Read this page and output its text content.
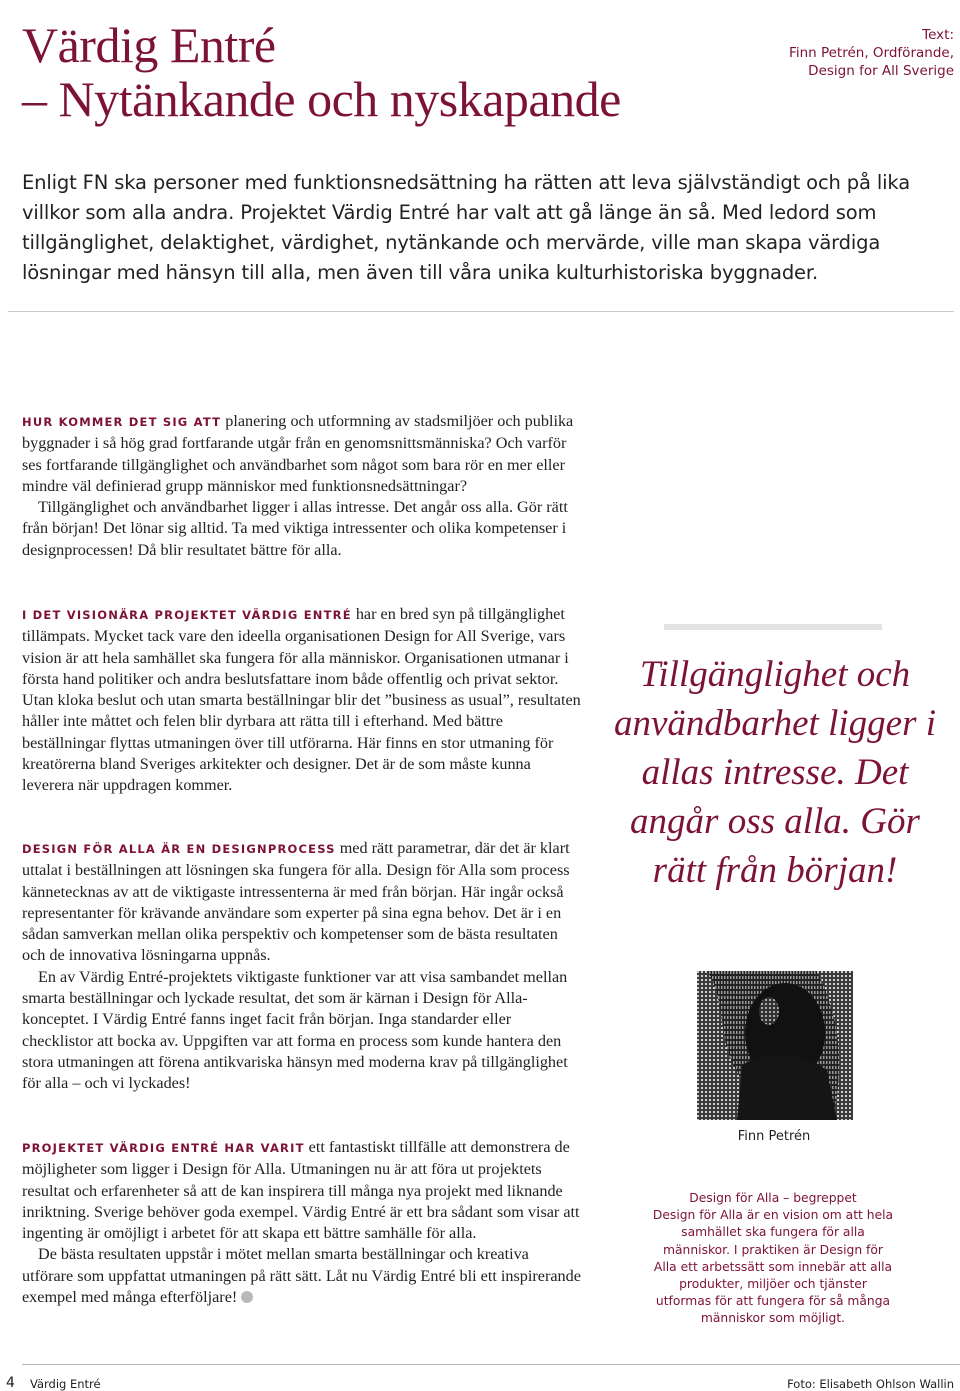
Värdig Entré
– Nytänkande och nyskapande
Text:
Finn Petrén, Ordförande,
Design for All Sverige
Enligt FN ska personer med funktionsnedsättning ha rätten att leva självständigt och på lika villkor som alla andra. Projektet Värdig Entré har valt att gå länge än så. Med ledord som tillgänglighet, delaktighet, värdighet, nytänkande och mervärde, ville man skapa värdiga lösningar med hänsyn till alla, men även till våra unika kulturhistoriska byggnader.

HUR KOMMER DET SIG ATT planering och utformning av stadsmiljöer och publika byggnader i så hög grad fortfarande utgår från en genomsnittsmänniska? Och varför ses fortfarande tillgänglighet och användbarhet som något som bara rör en mer eller mindre väl definierad grupp människor med funktionsnedsättningar?

Tillgänglighet och användbarhet ligger i allas intresse. Det angår oss alla. Gör rätt från början! Det lönar sig alltid. Ta med viktiga intressenter och olika kompetenser i designprocessen! Då blir resultatet bättre för alla.

I DET VISIONÄRA PROJEKTET VÄRDIG ENTRÉ har en bred syn på tillgänglighet tillämpats. Mycket tack vare den ideella organisationen Design for All Sverige, vars vision är att hela samhället ska fungera för alla människor. Organisationen utmanar i första hand politiker och andra beslutsfattare inom både offentlig och privat sektor. Utan kloka beslut och utan smarta beställningar blir det ”business as usual”, resultaten håller inte måttet och felen blir dyrbara att rätta till i efterhand. Med bättre beställningar flyttas utmaningen över till utförarna. Här finns en stor utmaning för kreatörerna bland Sveriges arkitekter och designer. Det är de som måste kunna leverera när uppdragen kommer.

DESIGN FÖR ALLA ÄR EN DESIGNPROCESS med rätt parametrar, där det är klart uttalat i beställningen att lösningen ska fungera för alla. Design för Alla som process kännetecknas av att de viktigaste intressenterna är med från början. Här ingår också representanter för krävande användare som experter på sina egna behov. Det är i en sådan samverkan mellan olika perspektiv och kompetenser som de bästa resultaten och de innovativa lösningarna uppnås.

En av Värdig Entré-projektets viktigaste funktioner var att visa sambandet mellan smarta beställningar och lyckade resultat, det som är kärnan i Design för Alla-konceptet. I Värdig Entré fanns inget facit från början. Inga standarder eller checklistor att bocka av. Uppgiften var att forma en process som kunde hantera den stora utmaningen att förena antikvariska hänsyn med moderna krav på tillgänglighet för alla – och vi lyckades!

PROJEKTET VÄRDIG ENTRÉ HAR VARIT ett fantastiskt tillfälle att demonstrera de möjligheter som ligger i Design för Alla. Utmaningen nu är att föra ut projektets resultat och erfarenheter så att de kan inspirera till många nya projekt med liknande inriktning. Sverige behöver goda exempel. Värdig Entré är ett bra sådant som visar att ingenting är omöjligt i arbetet för att skapa ett bättre samhälle för alla.

De bästa resultaten uppstår i mötet mellan smarta beställningar och kreativa utförare som uppfattat utmaningen på rätt sätt. Låt nu Värdig Entré bli ett inspirerande exempel med många efterföljare!

Tillgänglighet och användbarhet ligger i allas intresse. Det angår oss alla. Gör rätt från början!
Finn Petrén
Design för Alla – begreppet
Design för Alla är en vision om att hela samhället ska fungera för alla människor. I praktiken är Design för Alla ett arbetssätt som innebär att alla produkter, miljöer och tjänster utformas för att fungera för så många människor som möjligt.
4 Värdig Entré	Foto: Elisabeth Ohlson Wallin
